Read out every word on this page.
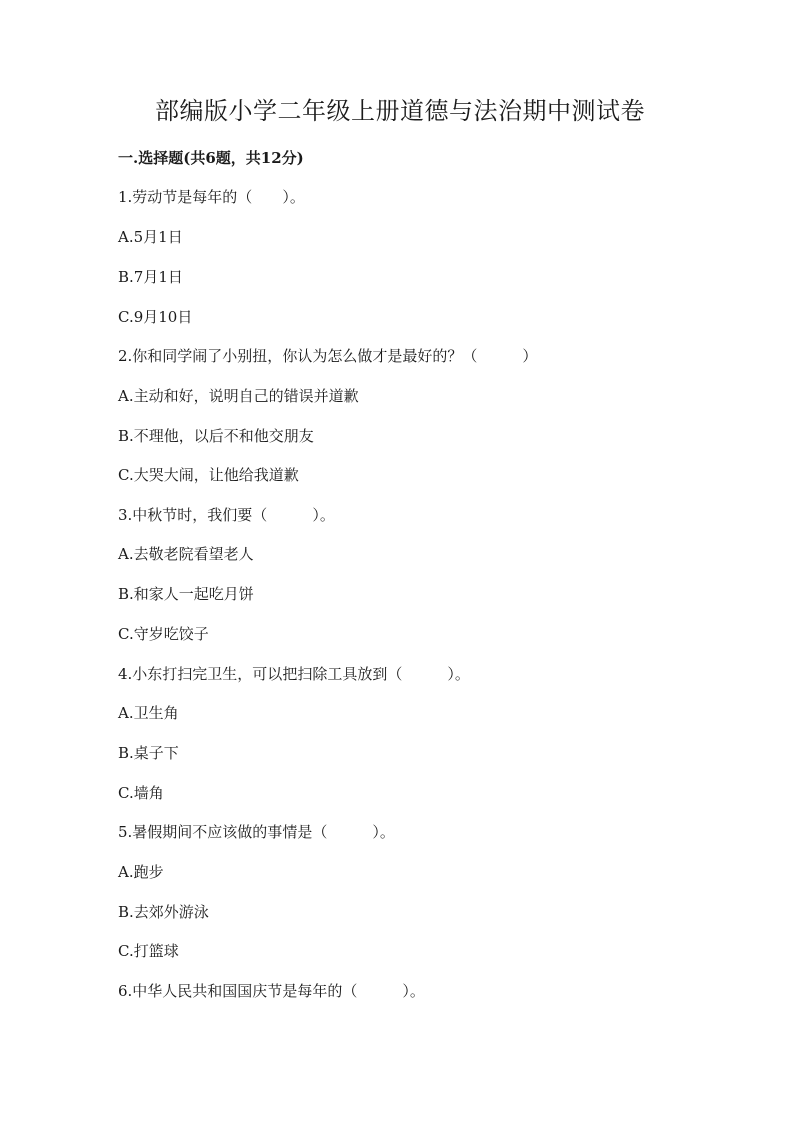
部编版小学二年级上册道德与法治期中测试卷
一.选择题(共6题，共12分)
1.劳动节是每年的（　　）。
A.5月1日
B.7月1日
C.9月10日
2.你和同学闹了小别扭，你认为怎么做才是最好的？（　　　）
A.主动和好，说明自己的错误并道歉
B.不理他，以后不和他交朋友
C.大哭大闹，让他给我道歉
3.中秋节时，我们要（　　　）。
A.去敬老院看望老人
B.和家人一起吃月饼
C.守岁吃饺子
4.小东打扫完卫生，可以把扫除工具放到（　　　）。
A.卫生角
B.桌子下
C.墙角
5.暑假期间不应该做的事情是（　　　）。
A.跑步
B.去郊外游泳
C.打篮球
6.中华人民共和国国庆节是每年的（　　　）。
